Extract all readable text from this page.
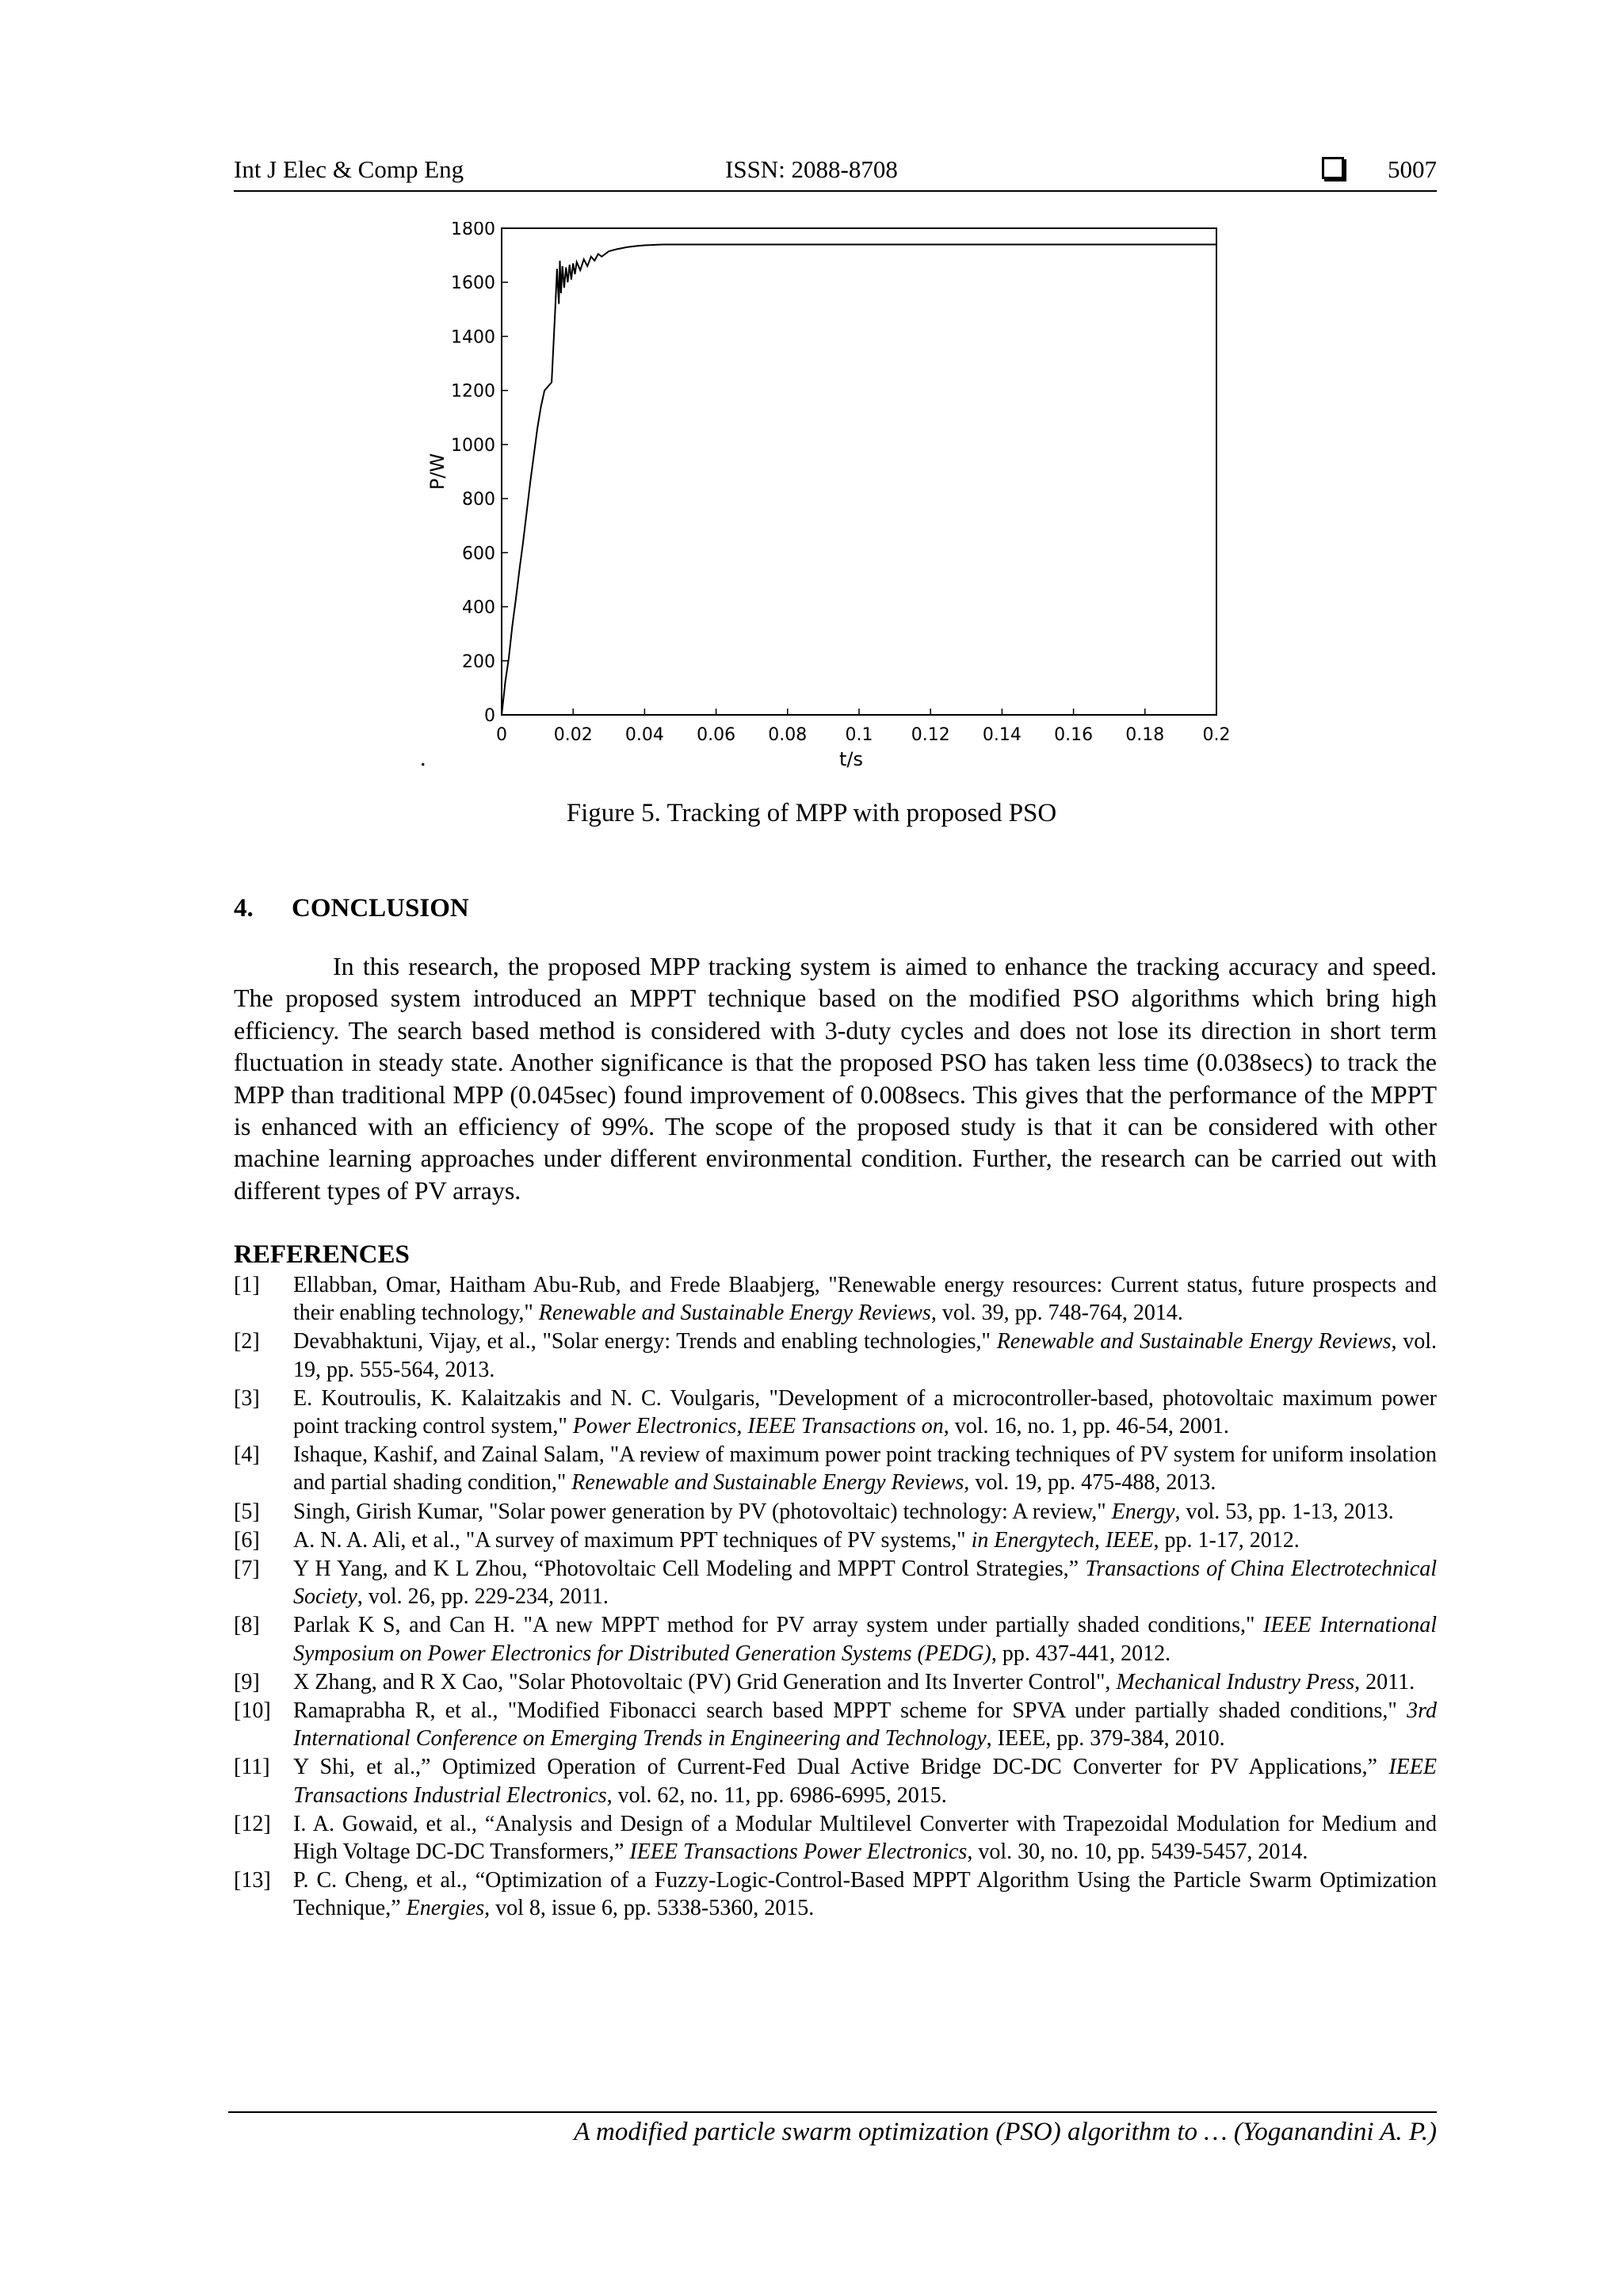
Int J Elec & Comp Eng	ISSN: 2088-8708	5007
0	0.02 0.04 0.06 0.08 0.1 0.12 0.14 0.16 0.18 0.2
0
200
400
600
800
1000
1200
1400
1600
1800
t/s
P/W
.
Figure 5. Tracking of MPP with proposed PSO
4. CONCLUSION

In this research, the proposed MPP tracking system is aimed to enhance the tracking accuracy and speed. The proposed system introduced an MPPT technique based on the modified PSO algorithms which bring high efficiency. The search based method is considered with 3-duty cycles and does not lose its direction in short term fluctuation in steady state. Another significance is that the proposed PSO has taken less time (0.038secs) to track the MPP than traditional MPP (0.045sec) found improvement of 0.008secs. This gives that the performance of the MPPT is enhanced with an efficiency of 99%. The scope of the proposed study is that it can be considered with other machine learning approaches under different environmental condition. Further, the research can be carried out with different types of PV arrays.

REFERENCES
[1] Ellabban, Omar, Haitham Abu-Rub, and Frede Blaabjerg, "Renewable energy resources: Current status, future prospects and their enabling technology," Renewable and Sustainable Energy Reviews, vol. 39, pp. 748-764, 2014.
[2] Devabhaktuni, Vijay, et al., "Solar energy: Trends and enabling technologies," Renewable and Sustainable Energy Reviews, vol. 19, pp. 555-564, 2013.
[3] E. Koutroulis, K. Kalaitzakis and N. C. Voulgaris, "Development of a microcontroller-based, photovoltaic maximum power point tracking control system," Power Electronics, IEEE Transactions on, vol. 16, no. 1, pp. 46-54, 2001.
[4] Ishaque, Kashif, and Zainal Salam, "A review of maximum power point tracking techniques of PV system for uniform insolation and partial shading condition," Renewable and Sustainable Energy Reviews, vol. 19, pp. 475-488, 2013.
[5] Singh, Girish Kumar, "Solar power generation by PV (photovoltaic) technology: A review," Energy, vol. 53, pp. 1-13, 2013.
[6] A. N. A. Ali, et al., "A survey of maximum PPT techniques of PV systems," in Energytech, IEEE, pp. 1-17, 2012.
[7] Y H Yang, and K L Zhou, “Photovoltaic Cell Modeling and MPPT Control Strategies,” Transactions of China Electrotechnical Society, vol. 26, pp. 229-234, 2011.
[8] Parlak K S, and Can H. "A new MPPT method for PV array system under partially shaded conditions," IEEE International Symposium on Power Electronics for Distributed Generation Systems (PEDG), pp. 437-441, 2012.
[9] X Zhang, and R X Cao, "Solar Photovoltaic (PV) Grid Generation and Its Inverter Control", Mechanical Industry Press, 2011.
[10] Ramaprabha R, et al., "Modified Fibonacci search based MPPT scheme for SPVA under partially shaded conditions," 3rd International Conference on Emerging Trends in Engineering and Technology, IEEE, pp. 379-384, 2010.
[11] Y Shi, et al.,” Optimized Operation of Current-Fed Dual Active Bridge DC-DC Converter for PV Applications,” IEEE Transactions Industrial Electronics, vol. 62, no. 11, pp. 6986-6995, 2015.
[12] I. A. Gowaid, et al., “Analysis and Design of a Modular Multilevel Converter with Trapezoidal Modulation for Medium and High Voltage DC-DC Transformers,” IEEE Transactions Power Electronics, vol. 30, no. 10, pp. 5439-5457, 2014.
[13] P. C. Cheng, et al., “Optimization of a Fuzzy-Logic-Control-Based MPPT Algorithm Using the Particle Swarm Optimization Technique,” Energies, vol 8, issue 6, pp. 5338-5360, 2015.
A modified particle swarm optimization (PSO) algorithm to … (Yoganandini A. P.)
